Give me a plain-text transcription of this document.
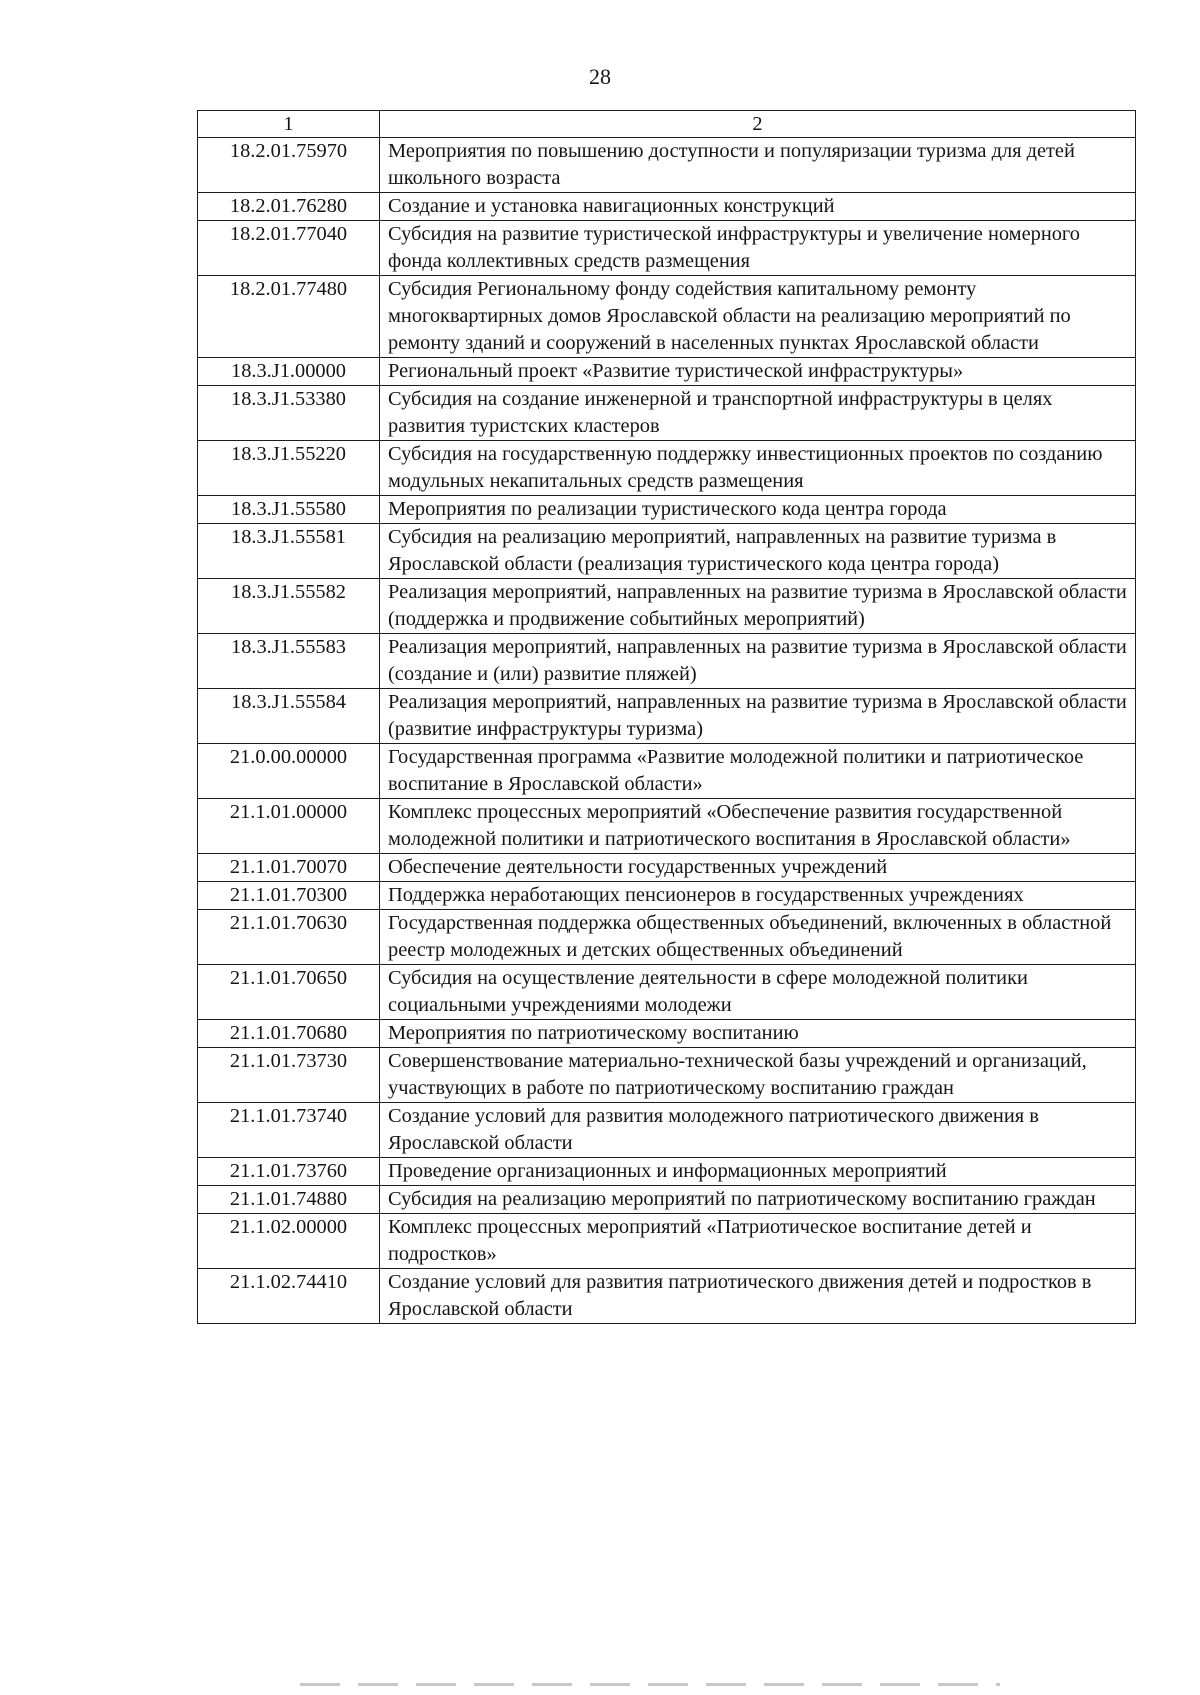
28
1	2
18.2.01.75970	Мероприятия по повышению доступности и популяризации туризма для детей школьного возраста
18.2.01.76280	Создание и установка навигационных конструкций
18.2.01.77040	Субсидия на развитие туристической инфраструктуры и увеличение номерного фонда коллективных средств размещения
18.2.01.77480	Субсидия Региональному фонду содействия капитальному ремонту многоквартирных домов Ярославской области на реализацию мероприятий по ремонту зданий и сооружений в населенных пунктах Ярославской области
18.3.J1.00000	Региональный проект «Развитие туристической инфраструктуры»
18.3.J1.53380	Субсидия на создание инженерной и транспортной инфраструктуры в целях развития туристских кластеров
18.3.J1.55220	Субсидия на государственную поддержку инвестиционных проектов по созданию модульных некапитальных средств размещения
18.3.J1.55580	Мероприятия по реализации туристического кода центра города
18.3.J1.55581	Субсидия на реализацию мероприятий, направленных на развитие туризма в Ярославской области (реализация туристического кода центра города)
18.3.J1.55582	Реализация мероприятий, направленных на развитие туризма в Ярославской области (поддержка и продвижение событийных мероприятий)
18.3.J1.55583	Реализация мероприятий, направленных на развитие туризма в Ярославской области (создание и (или) развитие пляжей)
18.3.J1.55584	Реализация мероприятий, направленных на развитие туризма в Ярославской области (развитие инфраструктуры туризма)
21.0.00.00000	Государственная программа «Развитие молодежной политики и патриотическое воспитание в Ярославской области»
21.1.01.00000	Комплекс процессных мероприятий «Обеспечение развития государственной молодежной политики и патриотического воспитания в Ярославской области»
21.1.01.70070	Обеспечение деятельности государственных учреждений
21.1.01.70300	Поддержка неработающих пенсионеров в государственных учреждениях
21.1.01.70630	Государственная поддержка общественных объединений, включенных в областной реестр молодежных и детских общественных объединений
21.1.01.70650	Субсидия на осуществление деятельности в сфере молодежной политики социальными учреждениями молодежи
21.1.01.70680	Мероприятия по патриотическому воспитанию
21.1.01.73730	Совершенствование материально-технической базы учреждений и организаций, участвующих в работе по патриотическому воспитанию граждан
21.1.01.73740	Создание условий для развития молодежного патриотического движения в Ярославской области
21.1.01.73760	Проведение организационных и информационных мероприятий
21.1.01.74880	Субсидия на реализацию мероприятий по патриотическому воспитанию граждан
21.1.02.00000	Комплекс процессных мероприятий «Патриотическое воспитание детей и подростков»
21.1.02.74410	Создание условий для развития патриотического движения детей и подростков в Ярославской области
